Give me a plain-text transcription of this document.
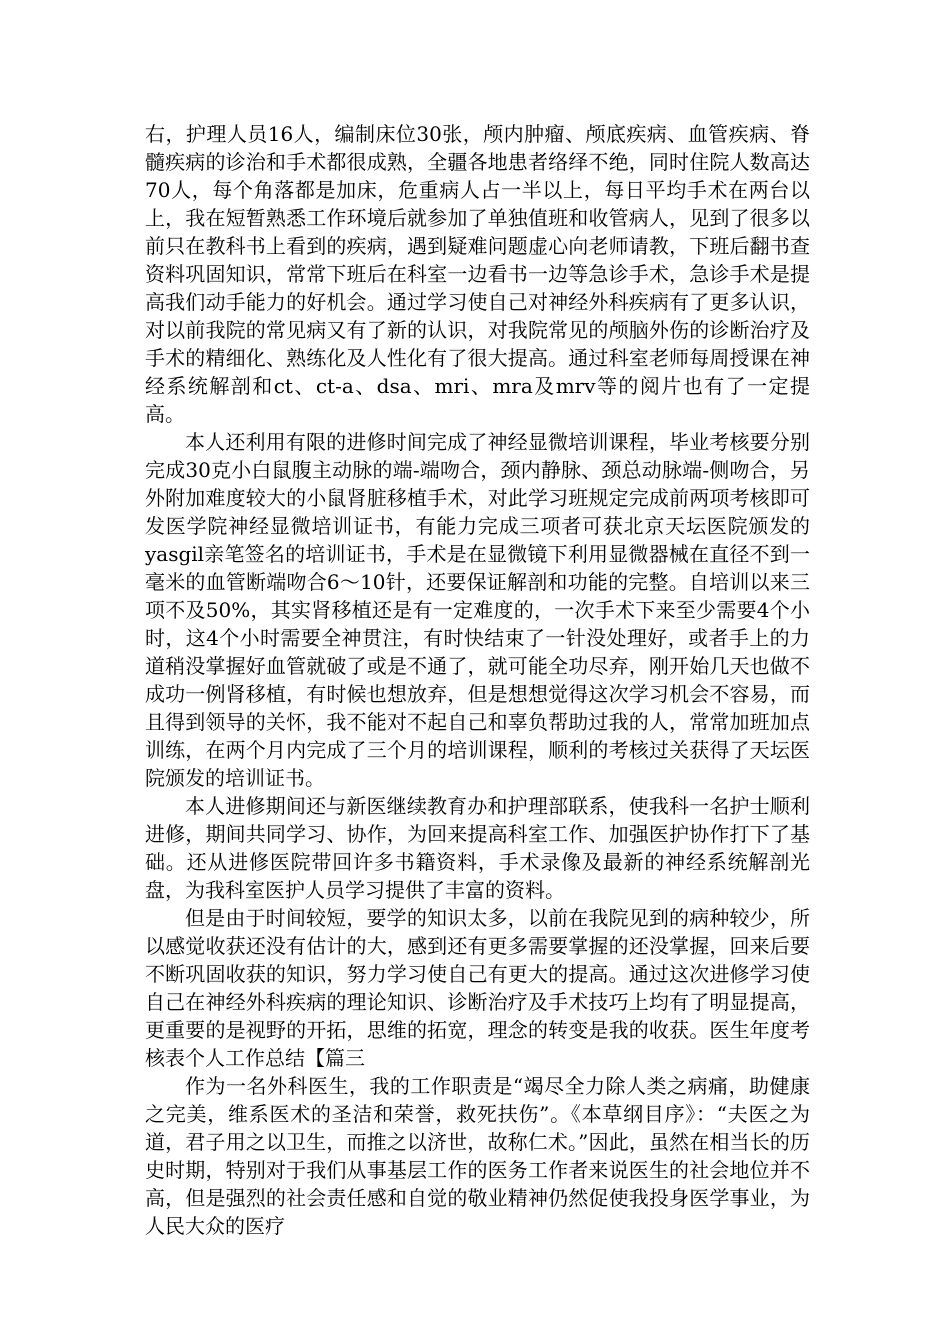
右，护理人员16人，编制床位30张，颅内肿瘤、颅底疾病、血管疾病、脊髓疾病的诊治和手术都很成熟，全疆各地患者络绎不绝，同时住院人数高达70人，每个角落都是加床，危重病人占一半以上，每日平均手术在两台以上，我在短暂熟悉工作环境后就参加了单独值班和收管病人，见到了很多以前只在教科书上看到的疾病，遇到疑难问题虚心向老师请教，下班后翻书查资料巩固知识，常常下班后在科室一边看书一边等急诊手术，急诊手术是提高我们动手能力的好机会。通过学习使自己对神经外科疾病有了更多认识，对以前我院的常见病又有了新的认识，对我院常见的颅脑外伤的诊断治疗及手术的精细化、熟练化及人性化有了很大提高。通过科室老师每周授课在神经系统解剖和ct、ct-a、dsa、mri、mra及mrv等的阅片也有了一定提高。

本人还利用有限的进修时间完成了神经显微培训课程，毕业考核要分别完成30克小白鼠腹主动脉的端-端吻合，颈内静脉、颈总动脉端-侧吻合，另外附加难度较大的小鼠肾脏移植手术，对此学习班规定完成前两项考核即可发医学院神经显微培训证书，有能力完成三项者可获北京天坛医院颁发的yasgil亲笔签名的培训证书，手术是在显微镜下利用显微器械在直径不到一毫米的血管断端吻合6～10针，还要保证解剖和功能的完整。自培训以来三项不及50%，其实肾移植还是有一定难度的，一次手术下来至少需要4个小时，这4个小时需要全神贯注，有时快结束了一针没处理好，或者手上的力道稍没掌握好血管就破了或是不通了，就可能全功尽弃，刚开始几天也做不成功一例肾移植，有时候也想放弃，但是想想觉得这次学习机会不容易，而且得到领导的关怀，我不能对不起自己和辜负帮助过我的人，常常加班加点训练，在两个月内完成了三个月的培训课程，顺利的考核过关获得了天坛医院颁发的培训证书。

本人进修期间还与新医继续教育办和护理部联系，使我科一名护士顺利进修，期间共同学习、协作，为回来提高科室工作、加强医护协作打下了基础。还从进修医院带回许多书籍资料，手术录像及最新的神经系统解剖光盘，为我科室医护人员学习提供了丰富的资料。

但是由于时间较短，要学的知识太多，以前在我院见到的病种较少，所以感觉收获还没有估计的大，感到还有更多需要掌握的还没掌握，回来后要不断巩固收获的知识，努力学习使自己有更大的提高。通过这次进修学习使自己在神经外科疾病的理论知识、诊断治疗及手术技巧上均有了明显提高，更重要的是视野的开拓，思维的拓宽，理念的转变是我的收获。医生年度考核表个人工作总结【篇三

作为一名外科医生，我的工作职责是“竭尽全力除人类之病痛，助健康之完美，维系医术的圣洁和荣誉，救死扶伤”。《本草纲目序》：“夫医之为道，君子用之以卫生，而推之以济世，故称仁术。”因此，虽然在相当长的历史时期，特别对于我们从事基层工作的医务工作者来说医生的社会地位并不高，但是强烈的社会责任感和自觉的敬业精神仍然促使我投身医学事业，为人民大众的医疗
